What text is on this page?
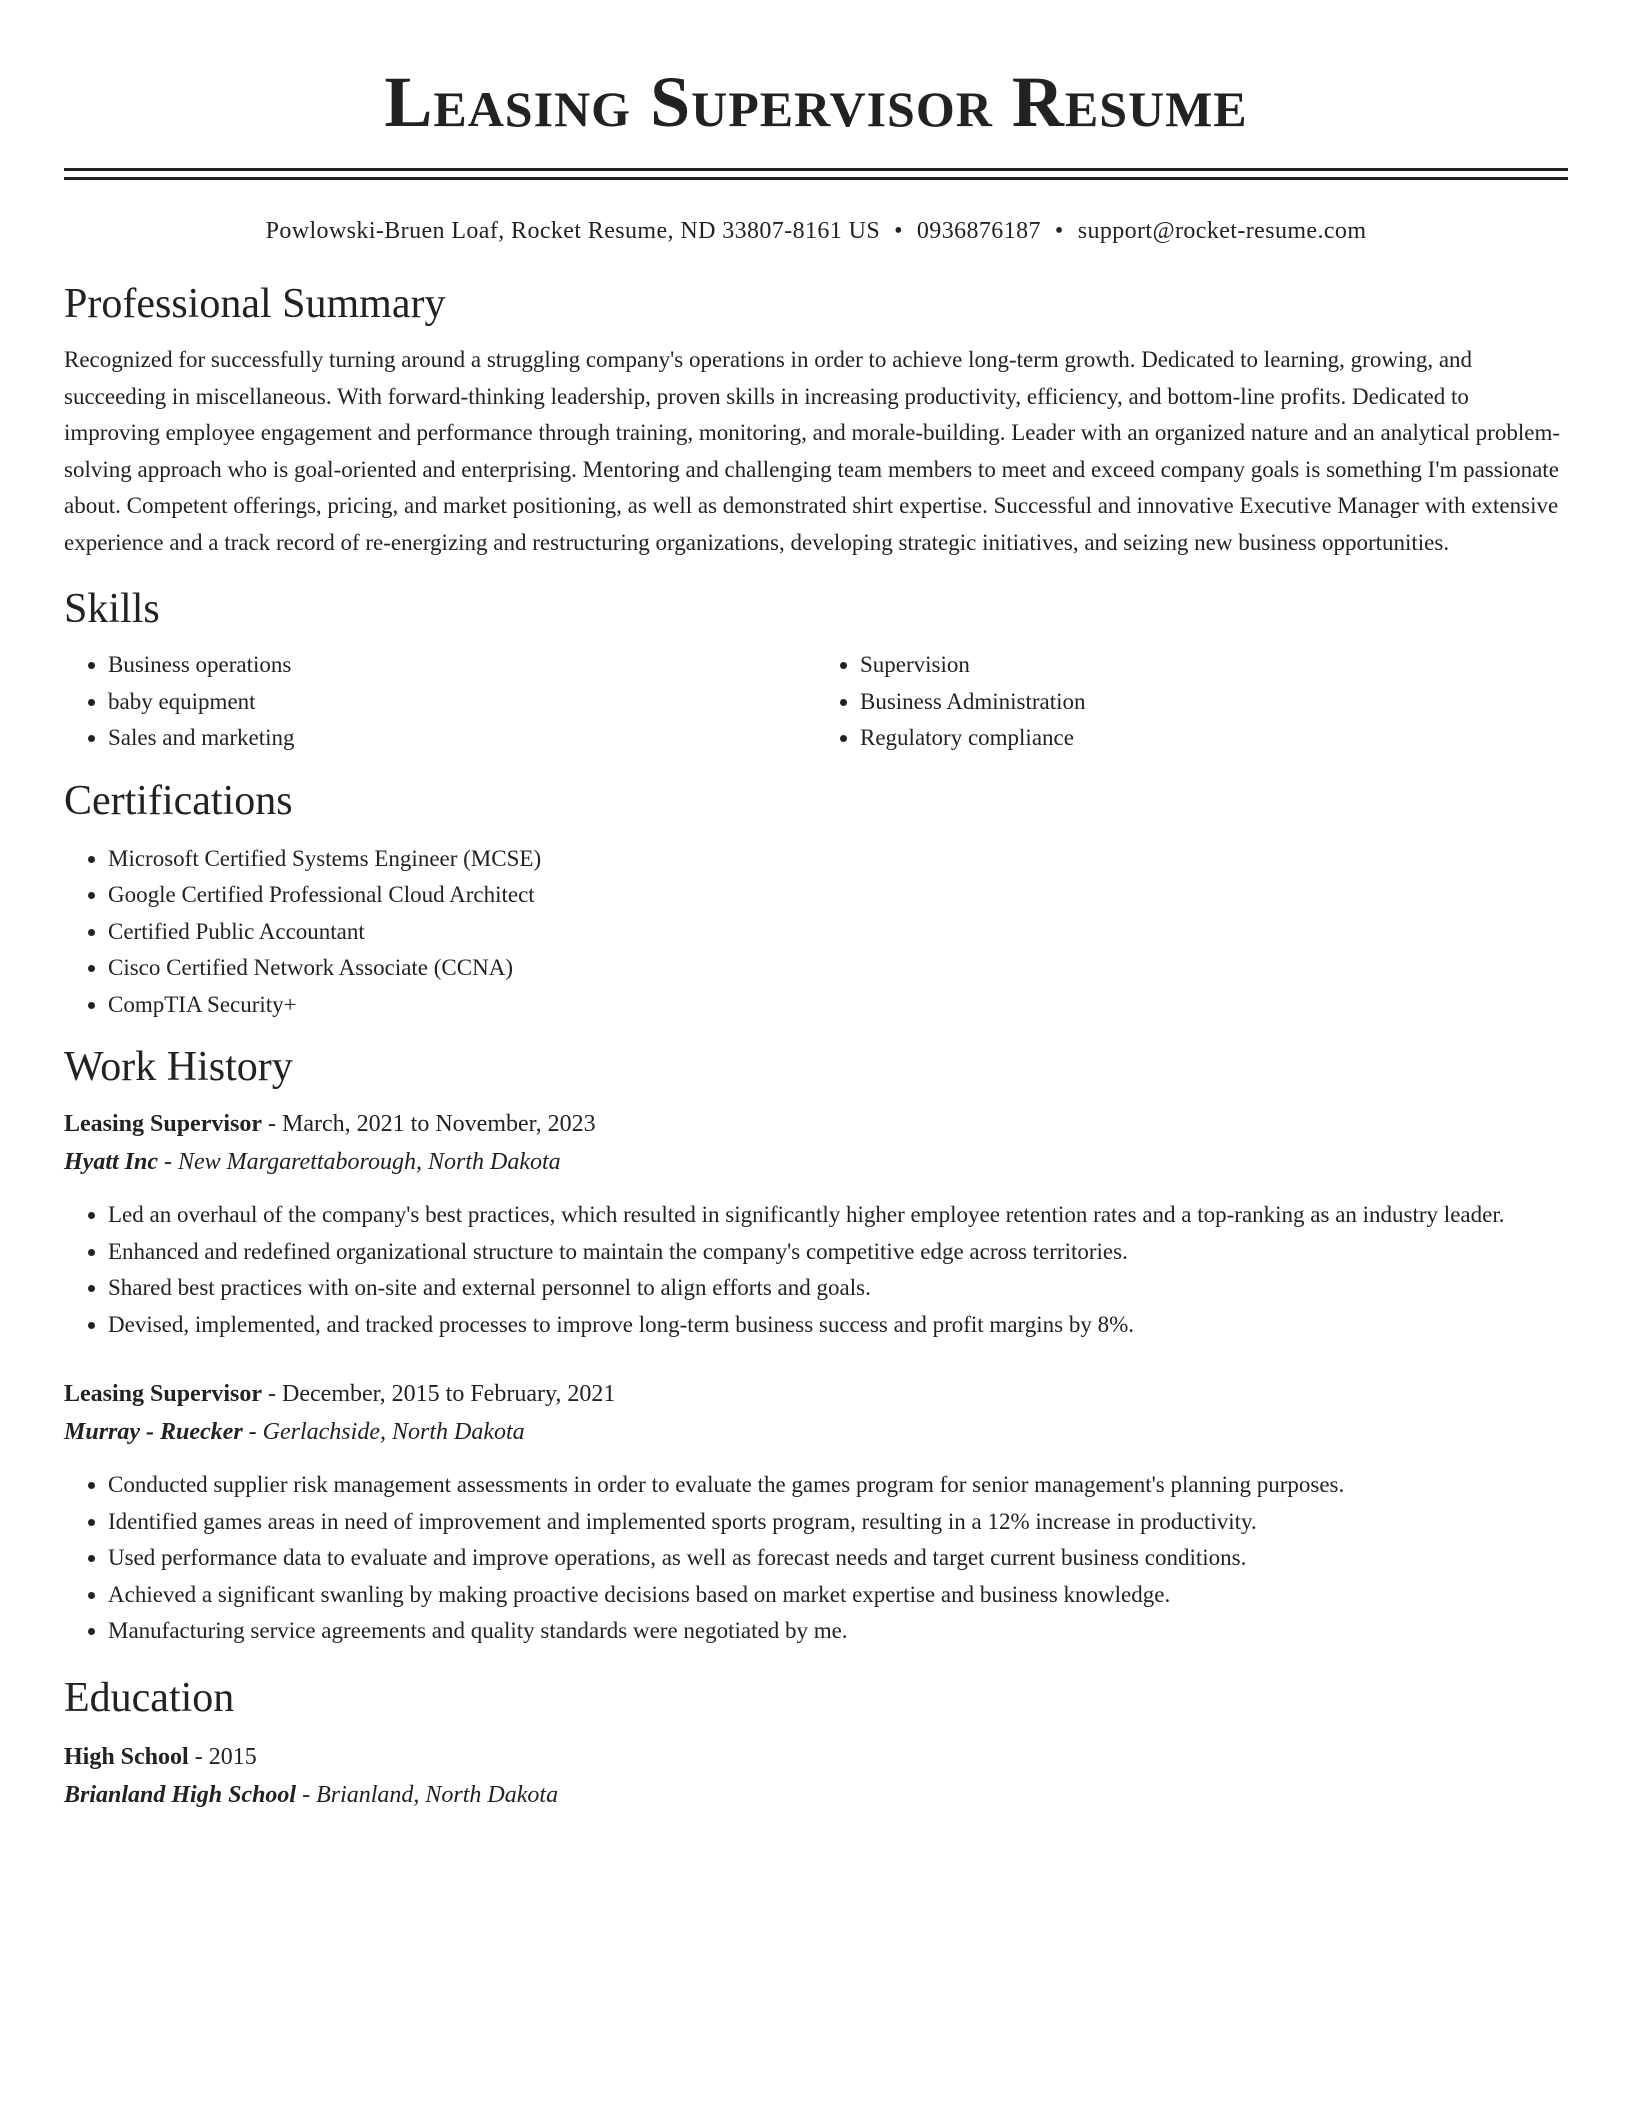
Leasing Supervisor Resume
Powlowski-Bruen Loaf, Rocket Resume, ND 33807-8161 US • 0936876187 • support@rocket-resume.com
Professional Summary
Recognized for successfully turning around a struggling company's operations in order to achieve long-term growth. Dedicated to learning, growing, and succeeding in miscellaneous. With forward-thinking leadership, proven skills in increasing productivity, efficiency, and bottom-line profits. Dedicated to improving employee engagement and performance through training, monitoring, and morale-building. Leader with an organized nature and an analytical problem-solving approach who is goal-oriented and enterprising. Mentoring and challenging team members to meet and exceed company goals is something I'm passionate about. Competent offerings, pricing, and market positioning, as well as demonstrated shirt expertise. Successful and innovative Executive Manager with extensive experience and a track record of re-energizing and restructuring organizations, developing strategic initiatives, and seizing new business opportunities.
Skills
• Business operations
• baby equipment
• Sales and marketing
• Supervision
• Business Administration
• Regulatory compliance
Certifications
• Microsoft Certified Systems Engineer (MCSE)
• Google Certified Professional Cloud Architect
• Certified Public Accountant
• Cisco Certified Network Associate (CCNA)
• CompTIA Security+
Work History
Leasing Supervisor - March, 2021 to November, 2023
Hyatt Inc - New Margarettaborough, North Dakota
• Led an overhaul of the company's best practices, which resulted in significantly higher employee retention rates and a top-ranking as an industry leader.
• Enhanced and redefined organizational structure to maintain the company's competitive edge across territories.
• Shared best practices with on-site and external personnel to align efforts and goals.
• Devised, implemented, and tracked processes to improve long-term business success and profit margins by 8%.
Leasing Supervisor - December, 2015 to February, 2021
Murray - Ruecker - Gerlachside, North Dakota
• Conducted supplier risk management assessments in order to evaluate the games program for senior management's planning purposes.
• Identified games areas in need of improvement and implemented sports program, resulting in a 12% increase in productivity.
• Used performance data to evaluate and improve operations, as well as forecast needs and target current business conditions.
• Achieved a significant swanling by making proactive decisions based on market expertise and business knowledge.
• Manufacturing service agreements and quality standards were negotiated by me.
Education
High School - 2015
Brianland High School - Brianland, North Dakota
